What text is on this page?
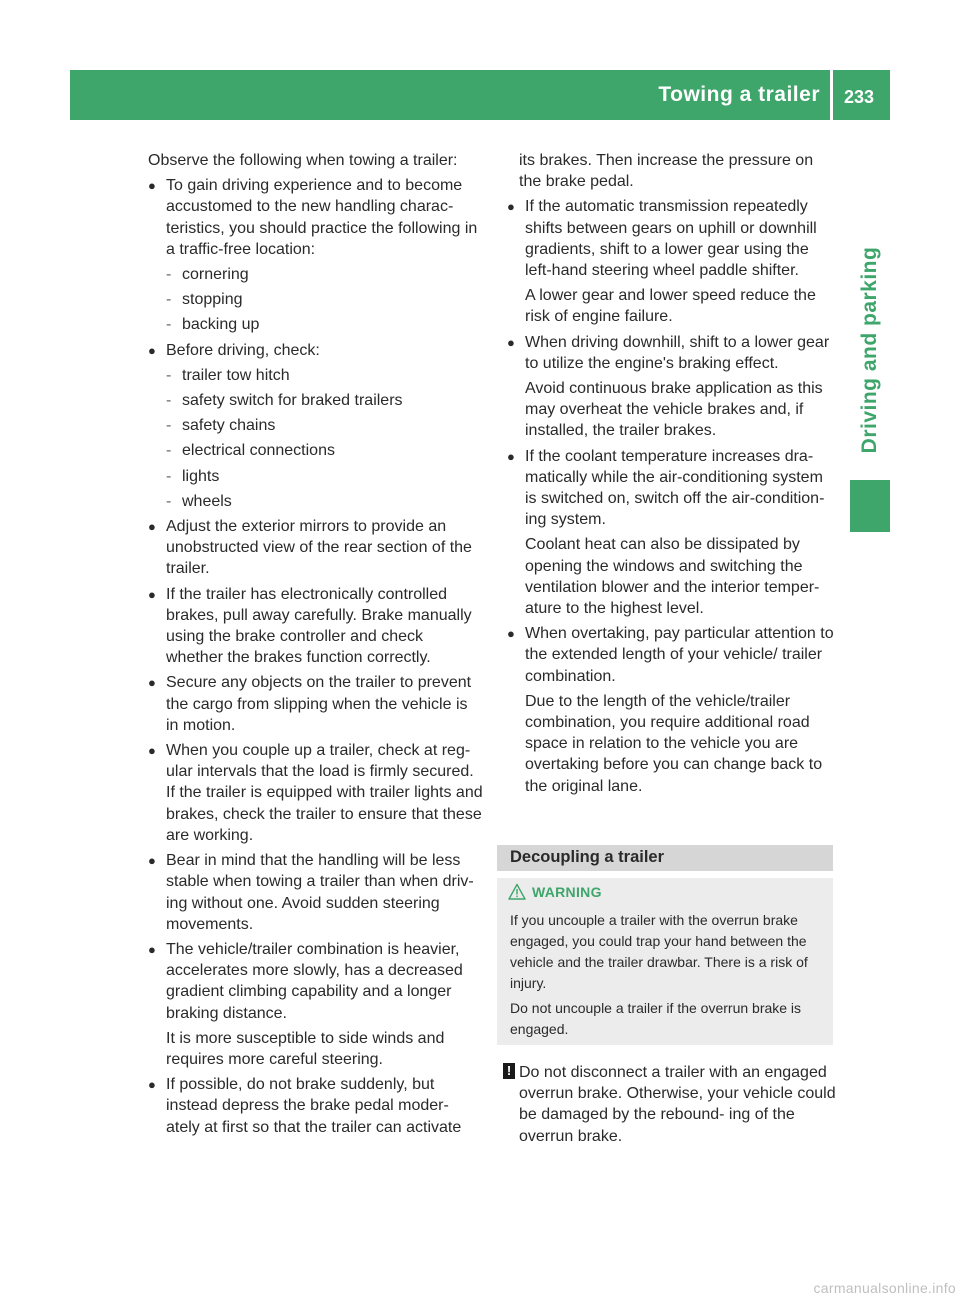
Towing a trailer 233
Driving and parking

Observe the following when towing a trailer:

● To gain driving experience and to become accustomed to the new handling charac- teristics, you should practice the following in a traffic-free location:

- cornering
- stopping
- backing up
● Before driving, check:

- trailer tow hitch
- safety switch for braked trailers
- safety chains
- electrical connections
- lights
- wheels
● Adjust the exterior mirrors to provide an unobstructed view of the rear section of the trailer.

● If the trailer has electronically controlled brakes, pull away carefully. Brake manually using the brake controller and check whether the brakes function correctly.

● Secure any objects on the trailer to prevent the cargo from slipping when the vehicle is in motion.

● When you couple up a trailer, check at reg- ular intervals that the load is firmly secured. If the trailer is equipped with trailer lights and brakes, check the trailer to ensure that these are working.

● Bear in mind that the handling will be less stable when towing a trailer than when driv- ing without one. Avoid sudden steering movements.

● The vehicle/trailer combination is heavier, accelerates more slowly, has a decreased gradient climbing capability and a longer braking distance.

It is more susceptible to side winds and requires more careful steering.

● If possible, do not brake suddenly, but instead depress the brake pedal moder- ately at first so that the trailer can activate

its brakes. Then increase the pressure on the brake pedal.

● If the automatic transmission repeatedly shifts between gears on uphill or downhill gradients, shift to a lower gear using the left-hand steering wheel paddle shifter.

A lower gear and lower speed reduce the risk of engine failure.

● When driving downhill, shift to a lower gear to utilize the engine's braking effect.

Avoid continuous brake application as this may overheat the vehicle brakes and, if installed, the trailer brakes.

● If the coolant temperature increases dra- matically while the air-conditioning system is switched on, switch off the air-condition- ing system.

Coolant heat can also be dissipated by opening the windows and switching the ventilation blower and the interior temper- ature to the highest level.

● When overtaking, pay particular attention to the extended length of your vehicle/ trailer combination.

Due to the length of the vehicle/trailer combination, you require additional road space in relation to the vehicle you are overtaking before you can change back to the original lane.

Decoupling a trailer
WARNING

If you uncouple a trailer with the overrun brake engaged, you could trap your hand between the vehicle and the trailer drawbar. There is a risk of injury.

Do not uncouple a trailer if the overrun brake is engaged.

! Do not disconnect a trailer with an engaged overrun brake. Otherwise, your vehicle could be damaged by the rebound- ing of the overrun brake.

carmanualsonline.info
